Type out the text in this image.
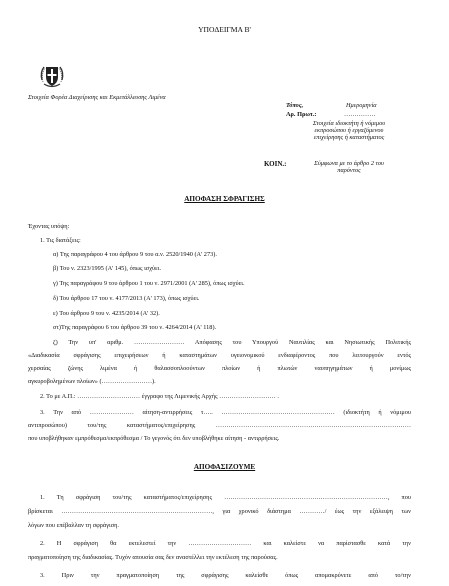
ΥΠΟΔΕΙΓΜΑ Β'
Στοιχεία Φορέα Διαχείρισης και Εκμετάλλευσης Λιμένα
Τόπος,	Ημερομηνία
Αρ. Πρωτ.:	……………
Στοιχεία ιδιοκτήτη ή νόμιμου
εκπροσώπου ή εργαζόμενου
επιχείρησης ή καταστήματος
ΚΟΙΝ.:	Σύμφωνα με το άρθρο 2 του
παρόντος
ΑΠΟΦΑΣΗ ΣΦΡΑΓΙΣΗΣ
Έχοντας υπόψη:
1. Τις διατάξεις:
α) Της παραγράφου 4 του άρθρου 9 του α.ν. 2520/1940 (Α' 273).
β) Του ν. 2323/1995 (Α' 145), όπως ισχύει.
γ) Της παραγράφου 9 του άρθρου 1 του ν. 2971/2001 (Α' 285), όπως ισχύει.
δ) Του άρθρου 17 του ν. 4177/2013 (Α' 173), όπως ισχύει.
ε) Του άρθρου 9 του ν. 4235/2014 (Α' 32).
στ)Της παραγράφου 6 του άρθρου 39 του ν. 4264/2014 (Α' 118).
ζ) Την υπ' αριθμ. …………………… Απόφασης του Υπουργού Ναυτιλίας και Νησιωτικής Πολιτικής
«Διαδικασία σφράγισης επιχειρήσεων ή καταστημάτων υγειονομικού ενδιαφέροντος που λειτουργούν εντός
χερσαίας ζώνης λιμένα ή θαλασσοπλοούντων πλοίων ή πλωτών ναυπηγημάτων ή μονίμως
αγκυροβολημένων πλοίων» (……………………).
2. Το με Α.Π.: ………………………… έγγραφο της Λιμενικής Αρχής ……………………… .
3. Την από ………………… αίτηση-αντιρρήσεις τ….. ……………………………………………… (ιδιοκτήτη ή νόμιμου
αντιπροσώπου) του/της καταστήματος/επιχείρησης …………………………………………………………………………………
που υποβλήθηκαν εμπρόθεσμα/εκπρόθεσμα / Το γεγονός ότι δεν υποβλήθηκε αίτηση - αντιρρήσεις.
ΑΠΟΦΑΣΙΖΟΥΜΕ
1. Τη σφράγιση του/της καταστήματος/επιχείρησης ……………………………………………………………………, που
βρίσκεται ………………………………………………………………, για χρονικό διάστημα …………/ έως την εξάλειψη των
λόγων που επέβαλλαν τη σφράγιση.
2. Η σφράγιση θα εκτελεστεί την ………………………… και καλείστε να παρίστασθε κατά την
πραγματοποίηση της διαδικασίας. Τυχόν απουσία σας δεν αναστέλλει την εκτέλεση της παρούσας.
3. Πριν την πραγματοποίηση της σφράγισης καλείσθε όπως απομακρύνετε από το/την
